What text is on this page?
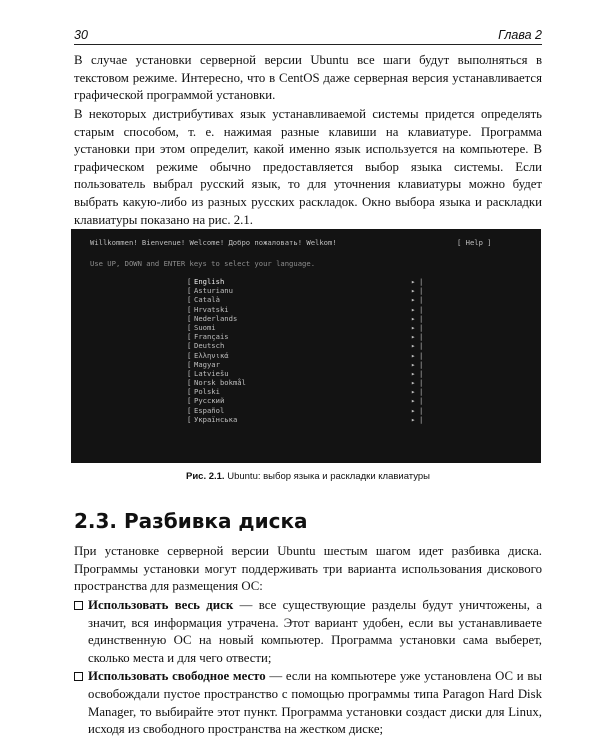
30	Глава 2

В случае установки серверной версии Ubuntu все шаги будут выполняться в текстовом режиме. Интересно, что в CentOS даже серверная версия устанавливается графической программой установки.

В некоторых дистрибутивах язык устанавливаемой системы придется определять старым способом, т. е. нажимая разные клавиши на клавиатуре. Программа установки при этом определит, какой именно язык используется на компьютере. В графическом режиме обычно предоставляется выбор языка системы. Если пользователь выбрал русский язык, то для уточнения клавиатуры можно будет выбрать какую-либо из разных русских раскладок. Окно выбора языка и раскладки клавиатуры показано на рис. 2.1.

Willkommen! Bienvenue! Welcome! Добро пожаловать! Welkom!

	[ Help ]

Use UP, DOWN and ENTER keys to select your language.

[ English	▸ |
[ Asturianu	▸ |
[ Català	▸ |
[ Hrvatski	▸ |
[ Nederlands	▸ |
[ Suomi	▸ |
[ Français	▸ |
[ Deutsch	▸ |
[ Ελληνικά	▸ |
[ Magyar	▸ |
[ Latviešu	▸ |
[ Norsk bokmål	▸ |
[ Polski	▸ |
[ Русский	▸ |
[ Español	▸ |
[ Українська	▸ |

Рис. 2.1. Ubuntu: выбор языка и раскладки клавиатуры
2.3. Разбивка диска

При установке серверной версии Ubuntu шестым шагом идет разбивка диска. Программы установки могут поддерживать три варианта использования дискового пространства для размещения ОС:

Использовать весь диск — все существующие разделы будут уничтожены, а значит, вся информация утрачена. Этот вариант удобен, если вы устанавливаете единственную ОС на новый компьютер. Программа установки сама выберет, сколько места и для чего отвести;
Использовать свободное место — если на компьютере уже установлена ОС и вы освобождали пустое пространство с помощью программы типа Paragon Hard Disk Manager, то выбирайте этот пункт. Программа установки создаст диски для Linux, исходя из свободного пространства на жестком диске;
